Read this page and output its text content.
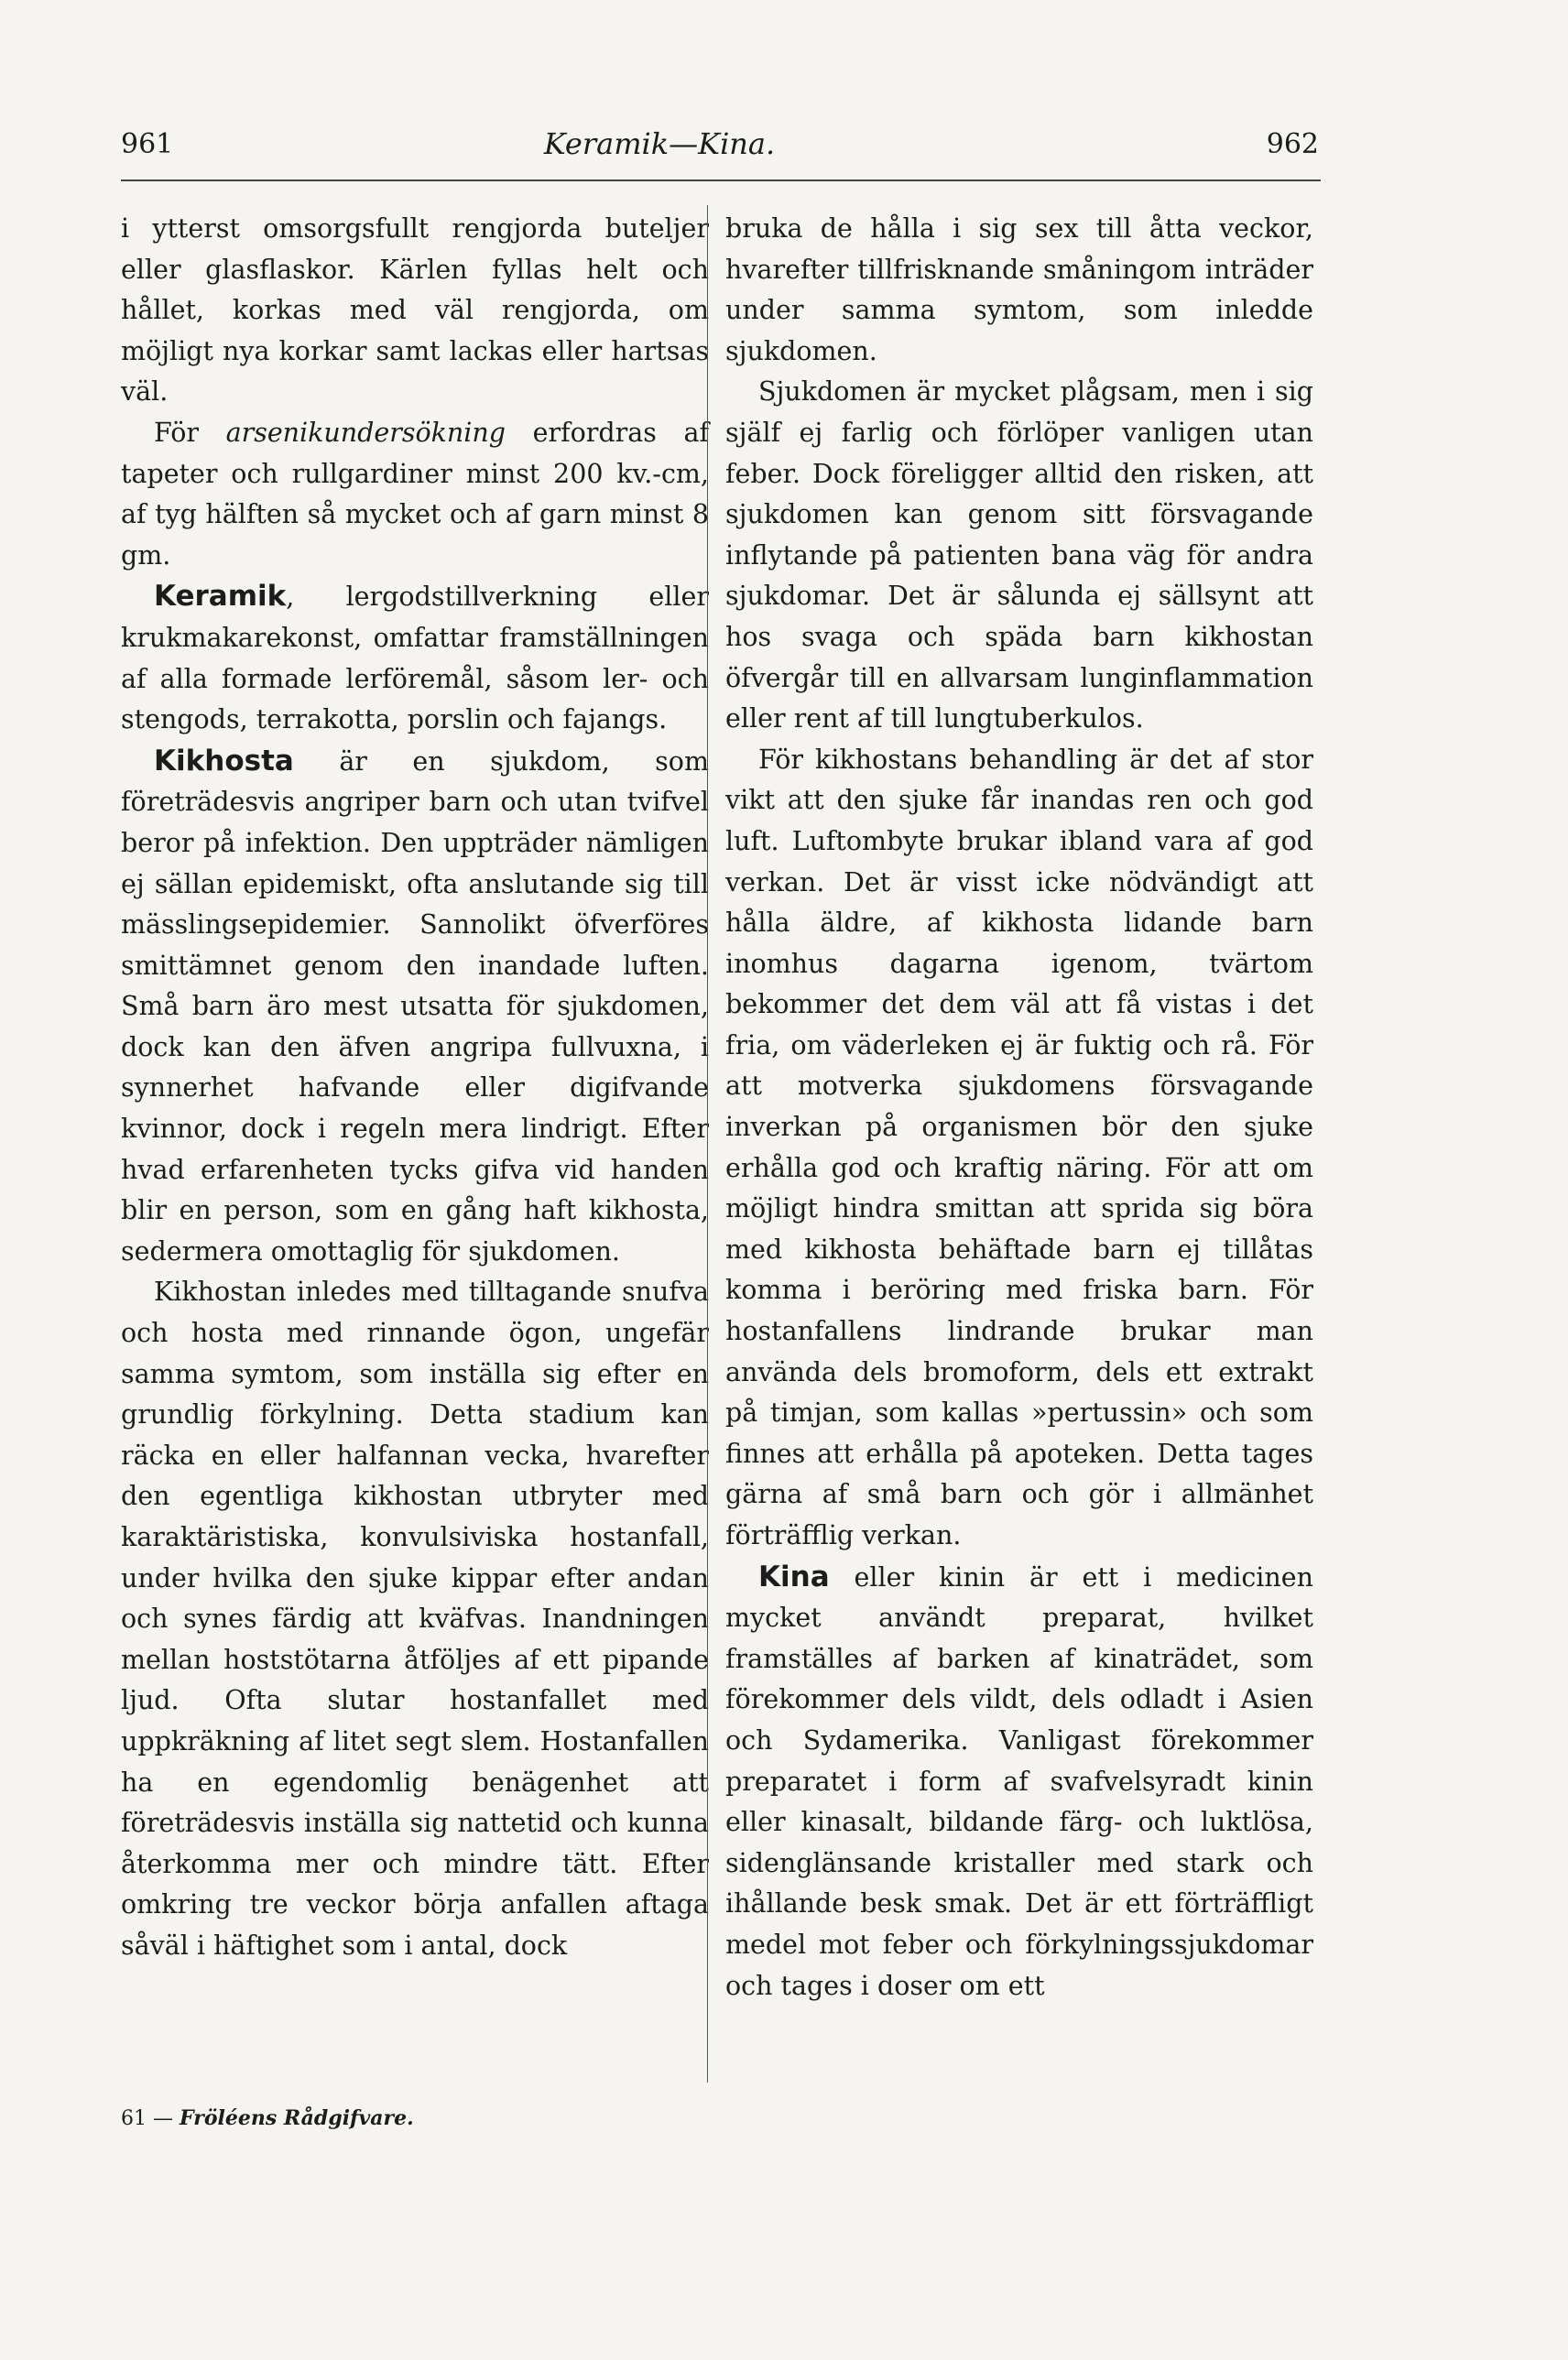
961	Keramik—Kina.	962

i ytterst omsorgsfullt rengjorda buteljer eller glasflaskor. Kärlen fyllas helt och hållet, korkas med väl rengjorda, om möjligt nya korkar samt lackas eller hartsas väl.

För arsenikundersökning erfordras af tapeter och rullgardiner minst 200 kv.-cm, af tyg hälften så mycket och af garn minst 8 gm.

Keramik, lergodstillverkning eller krukmakarekonst, omfattar framställningen af alla formade lerföremål, såsom ler- och stengods, terrakotta, porslin och fajangs.

Kikhosta är en sjukdom, som företrädesvis angriper barn och utan tvifvel beror på infektion. Den uppträder nämligen ej sällan epidemiskt, ofta anslutande sig till mässlingsepidemier. Sannolikt öfverföres smittämnet genom den inandade luften. Små barn äro mest utsatta för sjukdomen, dock kan den äfven angripa fullvuxna, i synnerhet hafvande eller digifvande kvinnor, dock i regeln mera lindrigt. Efter hvad erfarenheten tycks gifva vid handen blir en person, som en gång haft kikhosta, sedermera omottaglig för sjukdomen.

Kikhostan inledes med tilltagande snufva och hosta med rinnande ögon, ungefär samma symtom, som inställa sig efter en grundlig förkylning. Detta stadium kan räcka en eller halfannan vecka, hvarefter den egentliga kikhostan utbryter med karaktäristiska, konvulsiviska hostanfall, under hvilka den sjuke kippar efter andan och synes färdig att kväfvas. Inandningen mellan hoststötarna åtföljes af ett pipande ljud. Ofta slutar hostanfallet med uppkräkning af litet segt slem. Hostanfallen ha en egendomlig benägenhet att företrädesvis inställa sig nattetid och kunna återkomma mer och mindre tätt. Efter omkring tre veckor börja anfallen aftaga såväl i häftighet som i antal, dock

bruka de hålla i sig sex till åtta veckor, hvarefter tillfrisknande småningom inträder under samma symtom, som inledde sjukdomen.

Sjukdomen är mycket plågsam, men i sig själf ej farlig och förlöper vanligen utan feber. Dock föreligger alltid den risken, att sjukdomen kan genom sitt försvagande inflytande på patienten bana väg för andra sjukdomar. Det är sålunda ej sällsynt att hos svaga och späda barn kikhostan öfvergår till en allvarsam lunginflammation eller rent af till lungtuberkulos.

För kikhostans behandling är det af stor vikt att den sjuke får inandas ren och god luft. Luftombyte brukar ibland vara af god verkan. Det är visst icke nödvändigt att hålla äldre, af kikhosta lidande barn inomhus dagarna igenom, tvärtom bekommer det dem väl att få vistas i det fria, om väderleken ej är fuktig och rå. För att motverka sjukdomens försvagande inverkan på organismen bör den sjuke erhålla god och kraftig näring. För att om möjligt hindra smittan att sprida sig böra med kikhosta behäftade barn ej tillåtas komma i beröring med friska barn. För hostanfallens lindrande brukar man använda dels bromoform, dels ett extrakt på timjan, som kallas »pertussin» och som finnes att erhålla på apoteken. Detta tages gärna af små barn och gör i allmänhet förträfflig verkan.

Kina eller kinin är ett i medicinen mycket användt preparat, hvilket framställes af barken af kinaträdet, som förekommer dels vildt, dels odladt i Asien och Sydamerika. Vanligast förekommer preparatet i form af svafvelsyradt kinin eller kinasalt, bildande färg- och luktlösa, sidenglänsande kristaller med stark och ihållande besk smak. Det är ett förträffligt medel mot feber och förkylningssjukdomar och tages i doser om ett

61 — Fröléens Rådgifvare.
